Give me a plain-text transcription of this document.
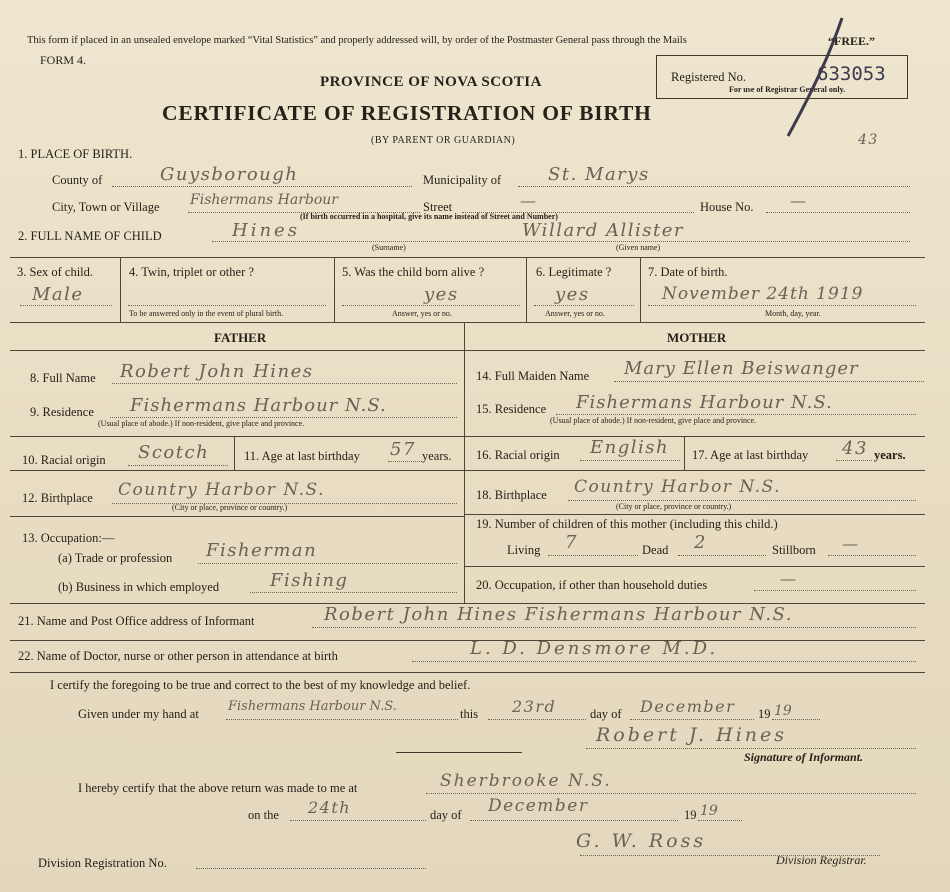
This form if placed in an unsealed envelope marked “Vital Statistics” and properly addressed will, by order of the Postmaster General pass through the Mails	“FREE.”
FORM 4.
PROVINCE OF NOVA SCOTIA
CERTIFICATE OF REGISTRATION OF BIRTH
(BY PARENT OR GUARDIAN)
Registered No.	633053
For use of Registrar General only.
43
1. PLACE OF BIRTH.
County of	Guysborough	Municipality of	St. Marys
City, Town or Village Fishermans Harbour	Street	—	House No. —
(If birth occurred in a hospital, give its name instead of Street and Number)
2. FULL NAME OF CHILD	Hines
(Surname)
Willard Allister
(Given name)
3. Sex of child.
Male
4. Twin, triplet or other ?
To be answered only in the event of plural birth.
5. Was the child born alive ?
yes
Answer, yes or no.
6. Legitimate ?
yes
Answer, yes or no.
7. Date of birth.
November 24th 1919
Month, day, year.
FATHER	MOTHER
8. Full Name Robert John Hines
9. Residence Fishermans Harbour N.S.
(Usual place of abode.) If non-resident, give place and province.
10. Racial origin Scotch	11. Age at last birthday 57 years.
12. Birthplace Country Harbor N.S.
(City or place, province or country.)
13. Occupation:—
(a) Trade or profession Fisherman
(b) Business in which employed	Fishing
14. Full Maiden Name Mary Ellen Beiswanger
15. Residence Fishermans Harbour N.S.
(Usual place of abode.) If non-resident, give place and province.
16. Racial origin English 17. Age at last birthday 43 years.
18. Birthplace Country Harbor N.S.
(City or place, province or country.)
19. Number of children of this mother (including this child.)
Living 7	Dead 2	Stillborn —
20. Occupation, if other than household duties	—
21. Name and Post Office address of Informant	Robert John Hines Fishermans Harbour N.S.
22. Name of Doctor, nurse or other person in attendance at birth	L. D. Densmore M.D.
I certify the foregoing to be true and correct to the best of my knowledge and belief.
Given under my hand at Fishermans Harbour N.S.	this 23rd	day of December 19 19
Robert J. Hines
Signature of Informant.
I hereby certify that the above return was made to me at	Sherbrooke N.S.
on the 24th	day of December	19 19
G. W. Ross
Division Registration No.	Division Registrar.
